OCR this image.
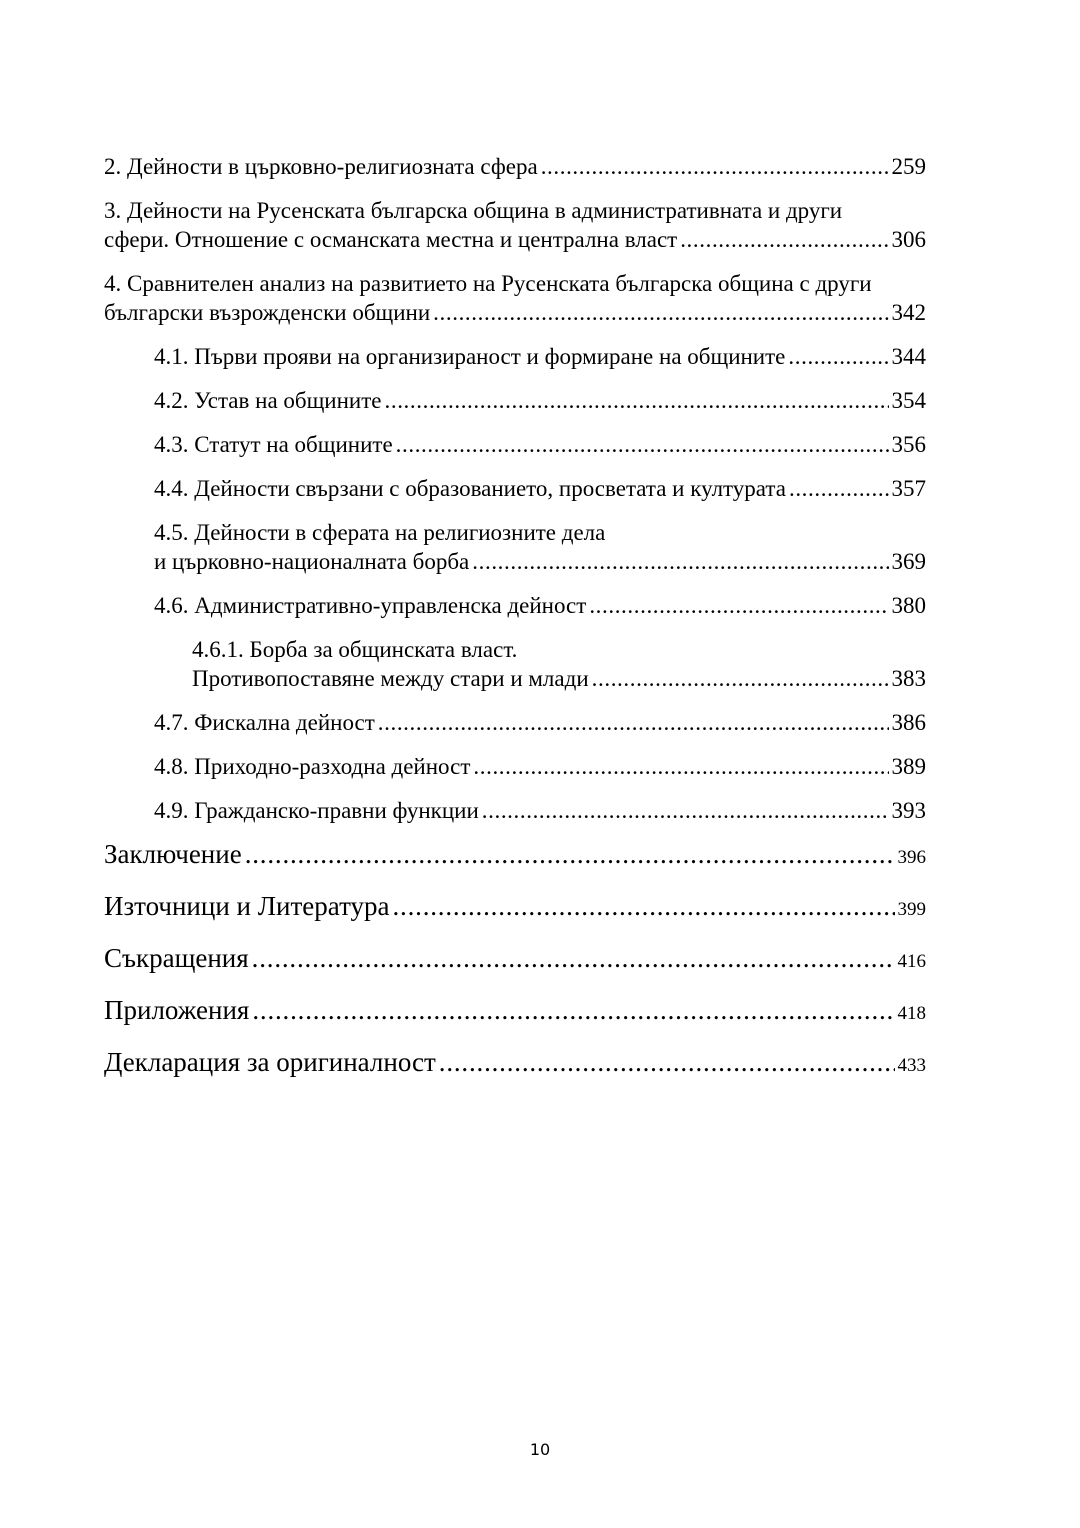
2. Дейности в църковно-религиозната сфера .....	259
3. Дейности на Русенската българска община в административната и други
сфери. Отношение с османската местна и централна власт .....	306
4. Сравнителен анализ на развитието на Русенската българска община с други
български възрожденски общини .....	342
4.1. Първи прояви на организираност и формиране на общините .....	344
4.2. Устав на общините .....	354
4.3. Статут на общините .....	356
4.4. Дейности свързани с образованието, просветата и културата .....	357
4.5. Дейности в сферата на религиозните дела
и църковно-националната борба .....	369
4.6. Административно-управленска дейност .....	380
4.6.1. Борба за общинската власт.
Противопоставяне между стари и млади .....	383
4.7. Фискална дейност .....	386
4.8. Приходно-разходна дейност .....	389
4.9. Гражданско-правни функции .....	393
Заключение .....	396
Източници и Литература .....	399
Съкращения .....	416
Приложения .....	418
Декларация за оригиналност .....	433
10
